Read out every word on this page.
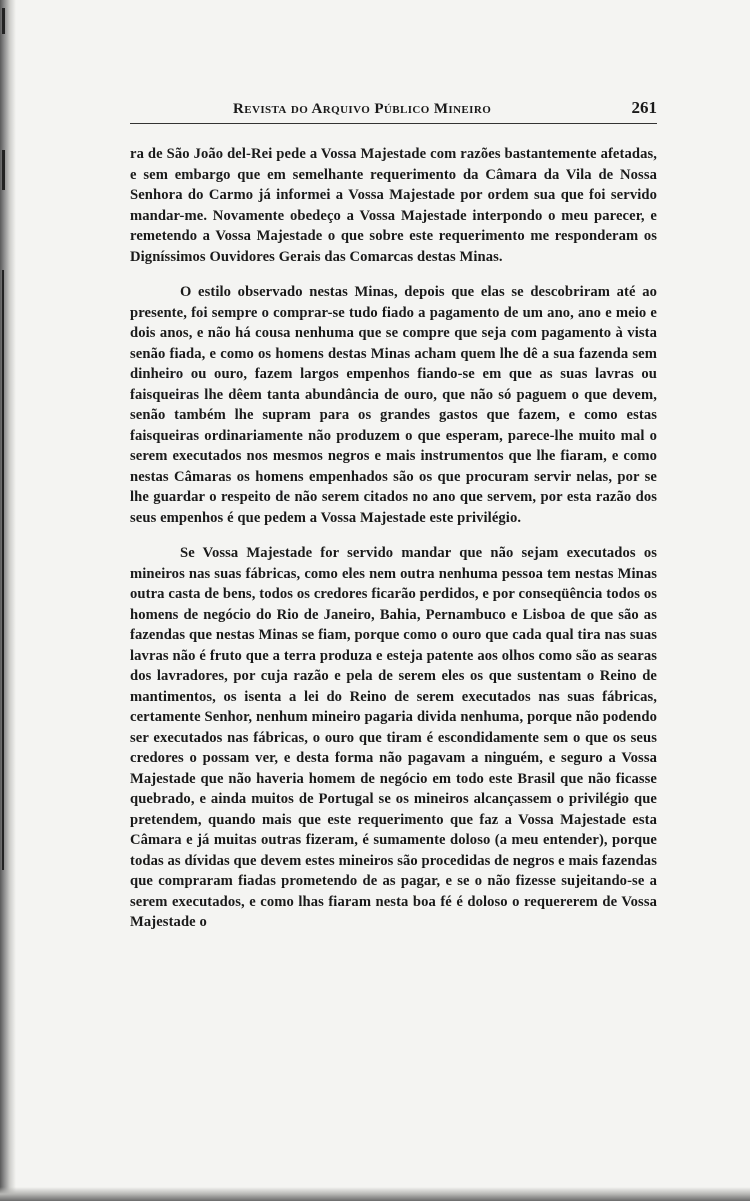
Revista do Arquivo Público Mineiro	261

ra de São João del-Rei pede a Vossa Majestade com razões bastantemente afetadas, e sem embargo que em semelhante requerimento da Câmara da Vila de Nossa Senhora do Carmo já informei a Vossa Majestade por ordem sua que foi servido mandar-me. Novamente obedeço a Vossa Majestade interpondo o meu parecer, e remetendo a Vossa Majestade o que sobre este requerimento me responderam os Digníssimos Ouvidores Gerais das Comarcas destas Minas.

O estilo observado nestas Minas, depois que elas se descobriram até ao presente, foi sempre o comprar-se tudo fiado a pagamento de um ano, ano e meio e dois anos, e não há cousa nenhuma que se compre que seja com pagamento à vista senão fiada, e como os homens destas Minas acham quem lhe dê a sua fazenda sem dinheiro ou ouro, fazem largos empenhos fiando-se em que as suas lavras ou faisqueiras lhe dêem tanta abundância de ouro, que não só paguem o que devem, senão também lhe supram para os grandes gastos que fazem, e como estas faisqueiras ordinariamente não produzem o que esperam, parece-lhe muito mal o serem executados nos mesmos negros e mais instrumentos que lhe fiaram, e como nestas Câmaras os homens empenhados são os que procuram servir nelas, por se lhe guardar o respeito de não serem citados no ano que servem, por esta razão dos seus empenhos é que pedem a Vossa Majestade este privilégio.

Se Vossa Majestade for servido mandar que não sejam executados os mineiros nas suas fábricas, como eles nem outra nenhuma pessoa tem nestas Minas outra casta de bens, todos os credores ficarão perdidos, e por conseqüência todos os homens de negócio do Rio de Janeiro, Bahia, Pernambuco e Lisboa de que são as fazendas que nestas Minas se fiam, porque como o ouro que cada qual tira nas suas lavras não é fruto que a terra produza e esteja patente aos olhos como são as searas dos lavradores, por cuja razão e pela de serem eles os que sustentam o Reino de mantimentos, os isenta a lei do Reino de serem executados nas suas fábricas, certamente Senhor, nenhum mineiro pagaria divida nenhuma, porque não podendo ser executados nas fábricas, o ouro que tiram é escondidamente sem o que os seus credores o possam ver, e desta forma não pagavam a ninguém, e seguro a Vossa Majestade que não haveria homem de negócio em todo este Brasil que não ficasse quebrado, e ainda muitos de Portugal se os mineiros alcançassem o privilégio que pretendem, quando mais que este requerimento que faz a Vossa Majestade esta Câmara e já muitas outras fizeram, é sumamente doloso (a meu entender), porque todas as dívidas que devem estes mineiros são procedidas de negros e mais fazendas que compraram fiadas prometendo de as pagar, e se o não fizesse sujeitando-se a serem executados, e como lhas fiaram nesta boa fé é doloso o requererem de Vossa Majestade o
